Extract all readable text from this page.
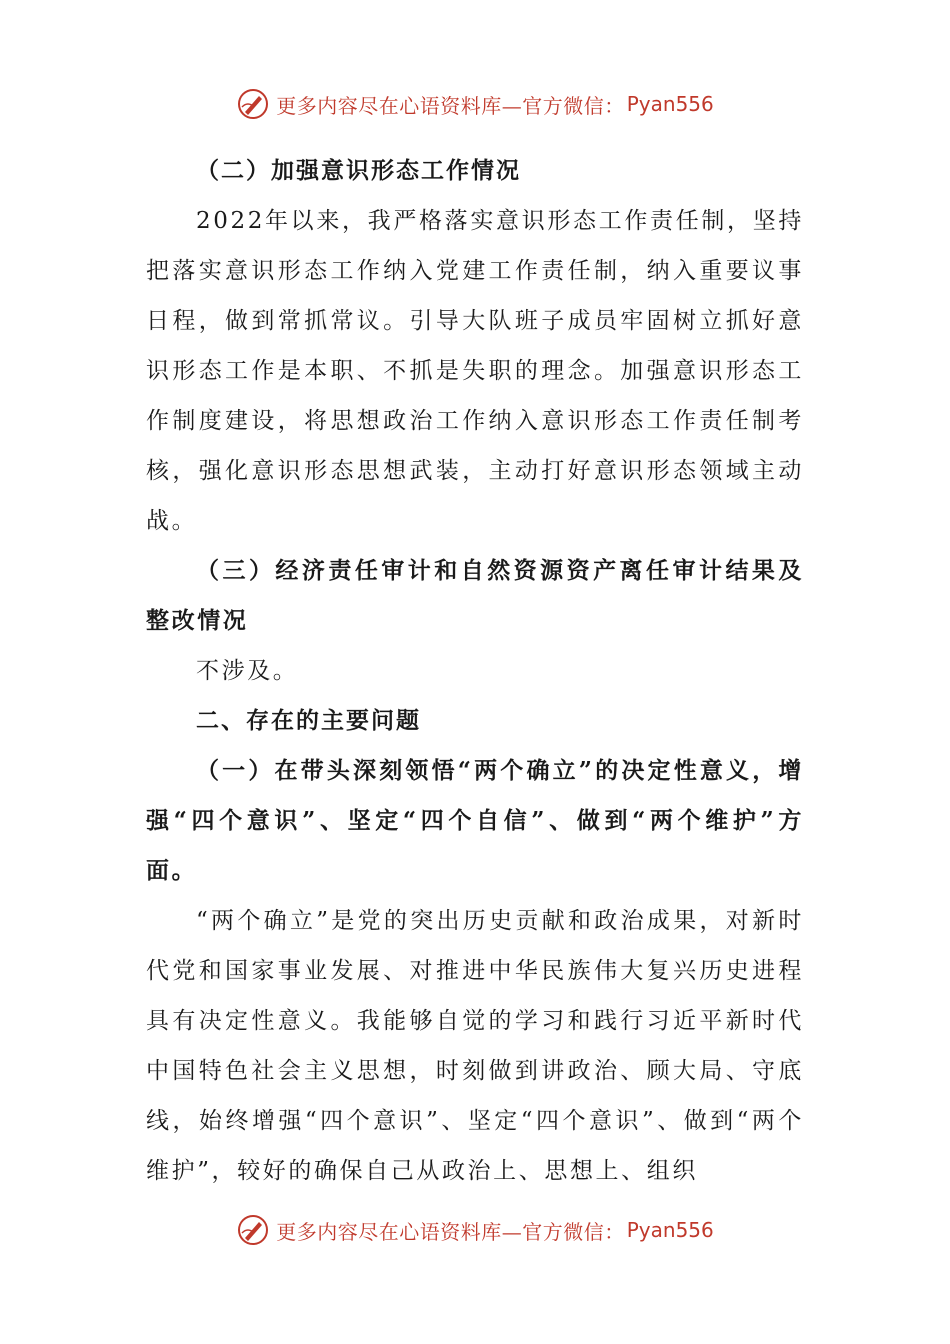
更多内容尽在心语资料库—官方微信： Pyan556

（二）加强意识形态工作情况

2022年以来，我严格落实意识形态工作责任制，坚持把落实意识形态工作纳入党建工作责任制，纳入重要议事日程，做到常抓常议。引导大队班子成员牢固树立抓好意识形态工作是本职、不抓是失职的理念。加强意识形态工作制度建设，将思想政治工作纳入意识形态工作责任制考核，强化意识形态思想武装，主动打好意识形态领域主动战。

（三）经济责任审计和自然资源资产离任审计结果及整改情况

不涉及。

二、存在的主要问题

（一）在带头深刻领悟“两个确立”的决定性意义，增强“四个意识”、坚定“四个自信”、做到“两个维护”方面。

“两个确立”是党的突出历史贡献和政治成果，对新时代党和国家事业发展、对推进中华民族伟大复兴历史进程具有决定性意义。我能够自觉的学习和践行习近平新时代中国特色社会主义思想，时刻做到讲政治、顾大局、守底线，始终增强“四个意识”、坚定“四个意识”、做到“两个维护”，较好的确保自己从政治上、思想上、组织

更多内容尽在心语资料库—官方微信： Pyan556
